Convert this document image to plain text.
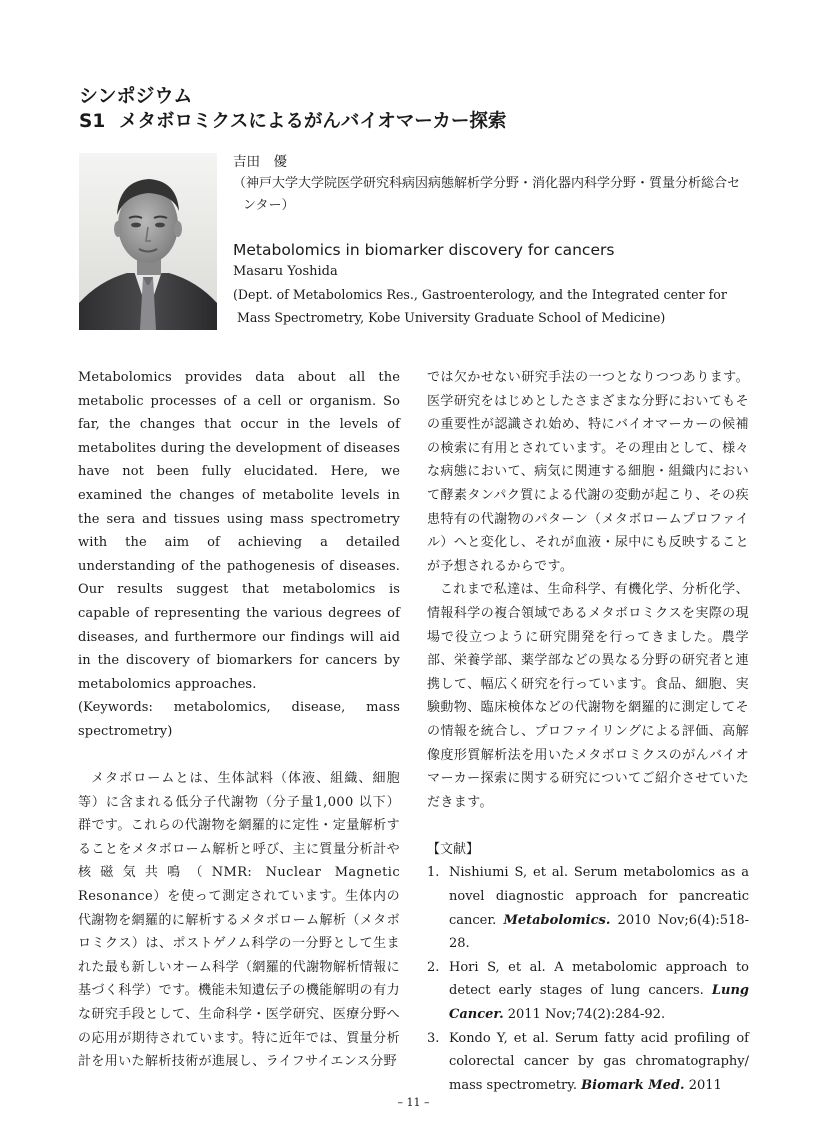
シンポジウム
S1 メタボロミクスによるがんバイオマーカー探索
吉田　優
（神戸大学大学院医学研究科病因病態解析学分野・消化器内科学分野・質量分析総合センター）
Metabolomics in biomarker discovery for cancers
Masaru Yoshida
(Dept. of Metabolomics Res., Gastroenterology, and the Integrated center for
Mass Spectrometry, Kobe University Graduate School of Medicine)

Metabolomics provides data about all the metabolic processes of a cell or organism. So far, the changes that occur in the levels of metabolites during the development of diseases have not been fully elucidated. Here, we examined the changes of metabolite levels in the sera and tissues using mass spectrometry with the aim of achieving a detailed understanding of the pathogenesis of diseases. Our results suggest that metabolomics is capable of representing the various degrees of diseases, and furthermore our findings will aid in the discovery of biomarkers for cancers by metabolomics approaches.

(Keywords: metabolomics, disease, mass spectrometry)

メタボロームとは、生体試料（体液、組織、細胞等）に含まれる低分子代謝物（分子量1,000 以下）群です。これらの代謝物を網羅的に定性・定量解析することをメタボローム解析と呼び、主に質量分析計や核磁気共鳴（NMR: Nuclear Magnetic Resonance）を使って測定されています。生体内の代謝物を網羅的に解析するメタボローム解析（メタボロミクス）は、ポストゲノム科学の一分野として生まれた最も新しいオーム科学（網羅的代謝物解析情報に基づく科学）です。機能未知遺伝子の機能解明の有力な研究手段として、生命科学・医学研究、医療分野への応用が期待されています。特に近年では、質量分析計を用いた解析技術が進展し、ライフサイエンス分野

では欠かせない研究手法の一つとなりつつあります。医学研究をはじめとしたさまざまな分野においてもその重要性が認識され始め、特にバイオマーカーの候補の検索に有用とされています。その理由として、様々な病態において、病気に関連する細胞・組織内において酵素タンパク質による代謝の変動が起こり、その疾患特有の代謝物のパターン（メタボロームプロファイル）へと変化し、それが血液・尿中にも反映することが予想されるからです。

これまで私達は、生命科学、有機化学、分析化学、情報科学の複合領域であるメタボロミクスを実際の現場で役立つように研究開発を行ってきました。農学部、栄養学部、薬学部などの異なる分野の研究者と連携して、幅広く研究を行っています。食品、細胞、実験動物、臨床検体などの代謝物を網羅的に測定してその情報を統合し、プロファイリングによる評価、高解像度形質解析法を用いたメタボロミクスのがんバイオマーカー探索に関する研究についてご紹介させていただきます。

【文献】

1. Nishiumi S, et al. Serum metabolomics as a novel diagnostic approach for pancreatic cancer. Metabolomics. 2010 Nov;6(4):518-28.
2. Hori S, et al. A metabolomic approach to detect early stages of lung cancers. Lung Cancer. 2011 Nov;74(2):284-92.
3. Kondo Y, et al. Serum fatty acid profiling of colorectal cancer by gas chromatography/ mass spectrometry. Biomark Med. 2011
– 11 –
